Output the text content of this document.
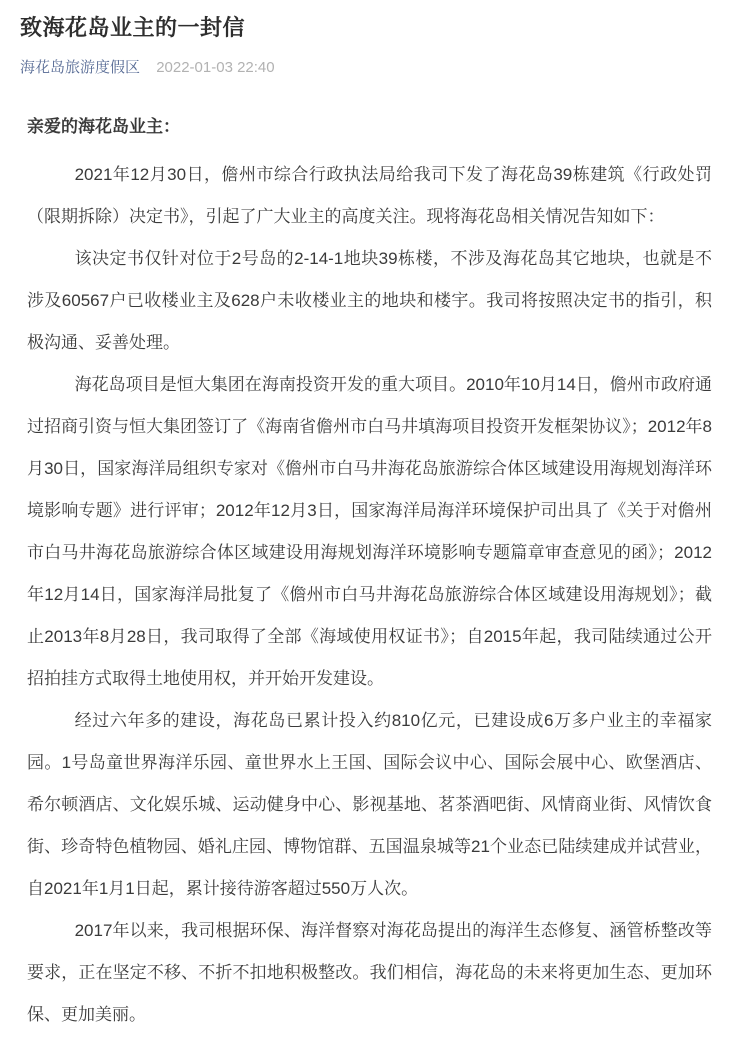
致海花岛业主的一封信
海花岛旅游度假区 2022-01-03 22:40

亲爱的海花岛业主：

2021年12月30日，儋州市综合行政执法局给我司下发了海花岛39栋建筑《行政处罚（限期拆除）决定书》，引起了广大业主的高度关注。现将海花岛相关情况告知如下：

该决定书仅针对位于2号岛的2-14-1地块39栋楼，不涉及海花岛其它地块，也就是不涉及60567户已收楼业主及628户未收楼业主的地块和楼宇。我司将按照决定书的指引，积极沟通、妥善处理。

海花岛项目是恒大集团在海南投资开发的重大项目。2010年10月14日，儋州市政府通过招商引资与恒大集团签订了《海南省儋州市白马井填海项目投资开发框架协议》；2012年8月30日，国家海洋局组织专家对《儋州市白马井海花岛旅游综合体区域建设用海规划海洋环境影响专题》进行评审；2012年12月3日，国家海洋局海洋环境保护司出具了《关于对儋州市白马井海花岛旅游综合体区域建设用海规划海洋环境影响专题篇章审查意见的函》；2012年12月14日，国家海洋局批复了《儋州市白马井海花岛旅游综合体区域建设用海规划》；截止2013年8月28日，我司取得了全部《海域使用权证书》；自2015年起，我司陆续通过公开招拍挂方式取得土地使用权，并开始开发建设。

经过六年多的建设，海花岛已累计投入约810亿元，已建设成6万多户业主的幸福家园。1号岛童世界海洋乐园、童世界水上王国、国际会议中心、国际会展中心、欧堡酒店、希尔顿酒店、文化娱乐城、运动健身中心、影视基地、茗茶酒吧街、风情商业街、风情饮食街、珍奇特色植物园、婚礼庄园、博物馆群、五国温泉城等21个业态已陆续建成并试营业，自2021年1月1日起，累计接待游客超过550万人次。

2017年以来，我司根据环保、海洋督察对海花岛提出的海洋生态修复、涵管桥整改等要求，正在坚定不移、不折不扣地积极整改。我们相信，海花岛的未来将更加生态、更加环保、更加美丽。
